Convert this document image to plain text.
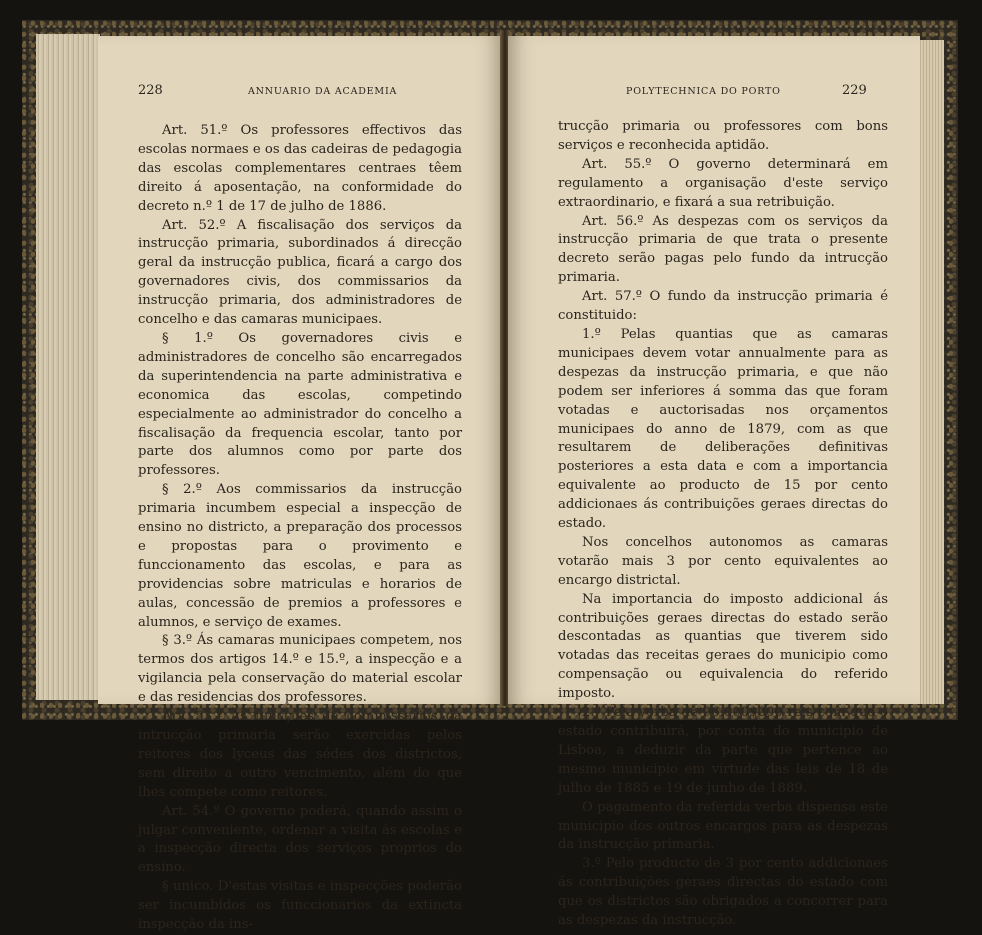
228	ANNUARIO DA ACADEMIA

Art. 51.º Os professores effectivos das escolas normaes e os das cadeiras de pedagogia das escolas complementares centraes têem direito á aposentação, na conformidade do decreto n.º 1 de 17 de julho de 1886.

Art. 52.º A fiscalisação dos serviços da instrucção primaria, subordinados á direcção geral da instrucção publica, ficará a cargo dos governadores civis, dos commissarios da instrucção primaria, dos administradores de concelho e das camaras municipaes.

§ 1.º Os governadores civis e administradores de concelho são encarregados da superintendencia na parte administrativa e economica das escolas, competindo especialmente ao administrador do concelho a fiscalisação da frequencia escolar, tanto por parte dos alumnos como por parte dos professores.

§ 2.º Aos commissarios da instrucção primaria incumbem especial a inspecção de ensino no districto, a preparação dos processos e propostas para o provimento e funccionamento das escolas, e para as providencias sobre matriculas e horarios de aulas, concessão de premios a professores e alumnos, e serviço de exames.

§ 3.º Ás camaras municipaes competem, nos termos dos artigos 14.º e 15.º, a inspecção e a vigilancia pela conservação do material escolar e das residencias dos professores.

Art. 53.º As funcções de commissarios da intrucção primaria serão exercidas pelos reitores dos lyceus das sédes dos districtos, sem direito a outro vencimento, além do que lhes compete como reitores.

Art. 54.º O governo poderá, quando assim o julgar conveniente, ordenar a visita ás escolas e a inspecção directa dos serviços proprios do ensino.

§ unico. D'estas visitas e inspecções poderão ser incumbidos os funccionarios da extincta inspecção da ins-

POLYTECHNICA DO PORTO	229

trucção primaria ou professores com bons serviços e reconhecida aptidão.

Art. 55.º O governo determinará em regulamento a organisação d'este serviço extraordinario, e fixará a sua retribuição.

Art. 56.º As despezas com os serviços da instrucção primaria de que trata o presente decreto serão pagas pelo fundo da intrucção primaria.

Art. 57.º O fundo da instrucção primaria é constituido:

1.º Pelas quantias que as camaras municipaes devem votar annualmente para as despezas da instrucção primaria, e que não podem ser inferiores á somma das que foram votadas e auctorisadas nos orçamentos municipaes do anno de 1879, com as que resultarem de deliberações definitivas posteriores a esta data e com a importancia equivalente ao producto de 15 por cento addicionaes ás contribuições geraes directas do estado.

Nos concelhos autonomos as camaras votarão mais 3 por cento equivalentes ao encargo districtal.

Na importancia do imposto addicional ás contribuições geraes directas do estado serão descontadas as quantias que tiverem sido votadas das receitas geraes do municipio como compensação ou equivalencia do referido imposto.

2.º Pela verba de 96:000$000 reis com que o estado contribuirá, por conta do municipio de Lisboa, a deduzir da parte que pertence ao mesmo municipio em virtude das leis de 18 de julho de 1885 e 19 de junho de 1889.

O pagamento da referida verba dispensa este municipio dos outros encargos para as despezas da instrucção primaria.

3.º Pelo producto de 3 por cento addicionaes ás contribuições geraes directas do estado com que os districtos são obrigados a concorrer para as despezas da instrucção.
